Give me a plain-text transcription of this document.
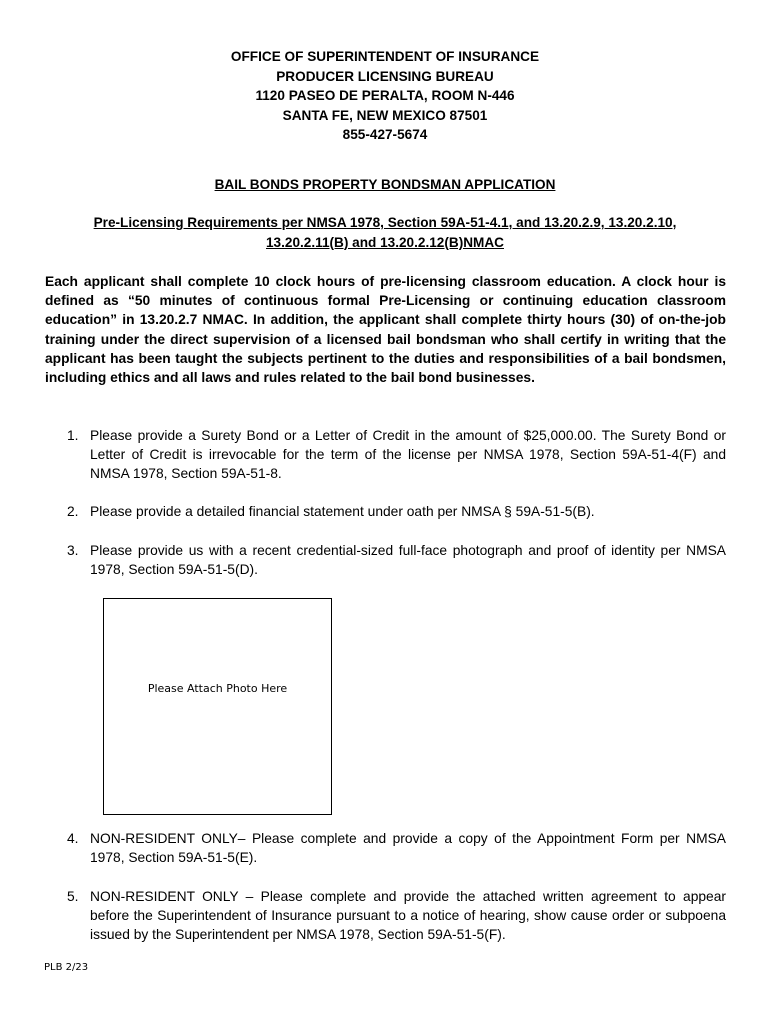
OFFICE OF SUPERINTENDENT OF INSURANCE
PRODUCER LICENSING BUREAU
1120 PASEO DE PERALTA, ROOM N-446
SANTA FE, NEW MEXICO 87501
855-427-5674
BAIL BONDS PROPERTY BONDSMAN APPLICATION
Pre-Licensing Requirements per NMSA 1978, Section 59A-51-4.1, and 13.20.2.9, 13.20.2.10,
13.20.2.11(B) and 13.20.2.12(B)NMAC
Each applicant shall complete 10 clock hours of pre-licensing classroom education. A clock hour is defined as “50 minutes of continuous formal Pre-Licensing or continuing education classroom education” in 13.20.2.7 NMAC. In addition, the applicant shall complete thirty hours (30) of on-the-job training under the direct supervision of a licensed bail bondsman who shall certify in writing that the applicant has been taught the subjects pertinent to the duties and responsibilities of a bail bondsmen, including ethics and all laws and rules related to the bail bond businesses.
1. Please provide a Surety Bond or a Letter of Credit in the amount of $25,000.00. The Surety Bond or Letter of Credit is irrevocable for the term of the license per NMSA 1978, Section 59A-51-4(F) and NMSA 1978, Section 59A-51-8.
2. Please provide a detailed financial statement under oath per NMSA § 59A-51-5(B).
3. Please provide us with a recent credential-sized full-face photograph and proof of identity per NMSA 1978, Section 59A-51-5(D).
4. NON-RESIDENT ONLY– Please complete and provide a copy of the Appointment Form per NMSA 1978, Section 59A-51-5(E).
5. NON-RESIDENT ONLY – Please complete and provide the attached written agreement to appear before the Superintendent of Insurance pursuant to a notice of hearing, show cause order or subpoena issued by the Superintendent per NMSA 1978, Section 59A-51-5(F).
Please Attach Photo Here
PLB 2/23
